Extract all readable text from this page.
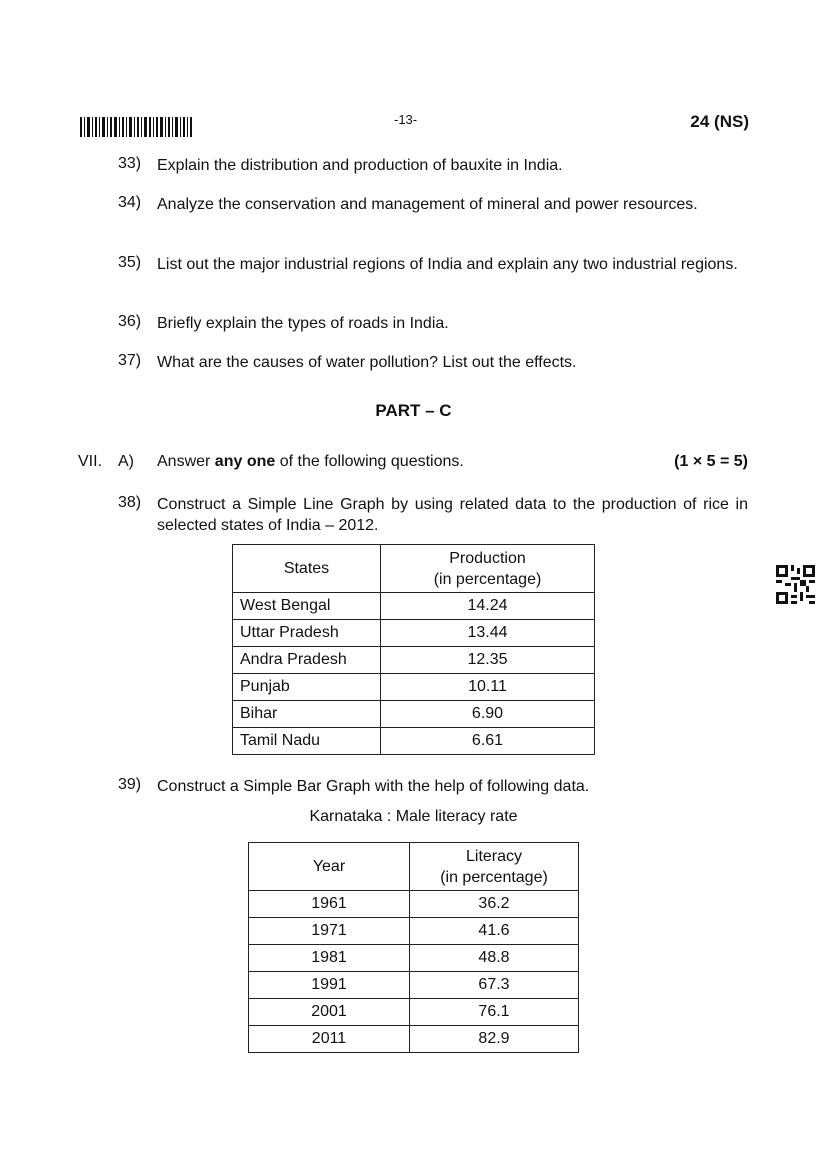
-13-	24 (NS)
33) Explain the distribution and production of bauxite in India.
34) Analyze the conservation and management of mineral and power resources.
35) List out the major industrial regions of India and explain any two industrial regions.
36) Briefly explain the types of roads in India.
37) What are the causes of water pollution? List out the effects.
PART – C
VII. A) Answer any one of the following questions.	(1 × 5 = 5)
38) Construct a Simple Line Graph by using related data to the production of rice in selected states of India – 2012.
States	Production
(in percentage)

West Bengal	14.24
Uttar Pradesh	13.44
Andra Pradesh	12.35
Punjab	10.11
Bihar	6.90
Tamil Nadu	6.61
39) Construct a Simple Bar Graph with the help of following data.
Karnataka : Male literacy rate
Year	Literacy
(in percentage)

1961	36.2
1971	41.6
1981	48.8
1991	67.3
2001	76.1
2011	82.9
